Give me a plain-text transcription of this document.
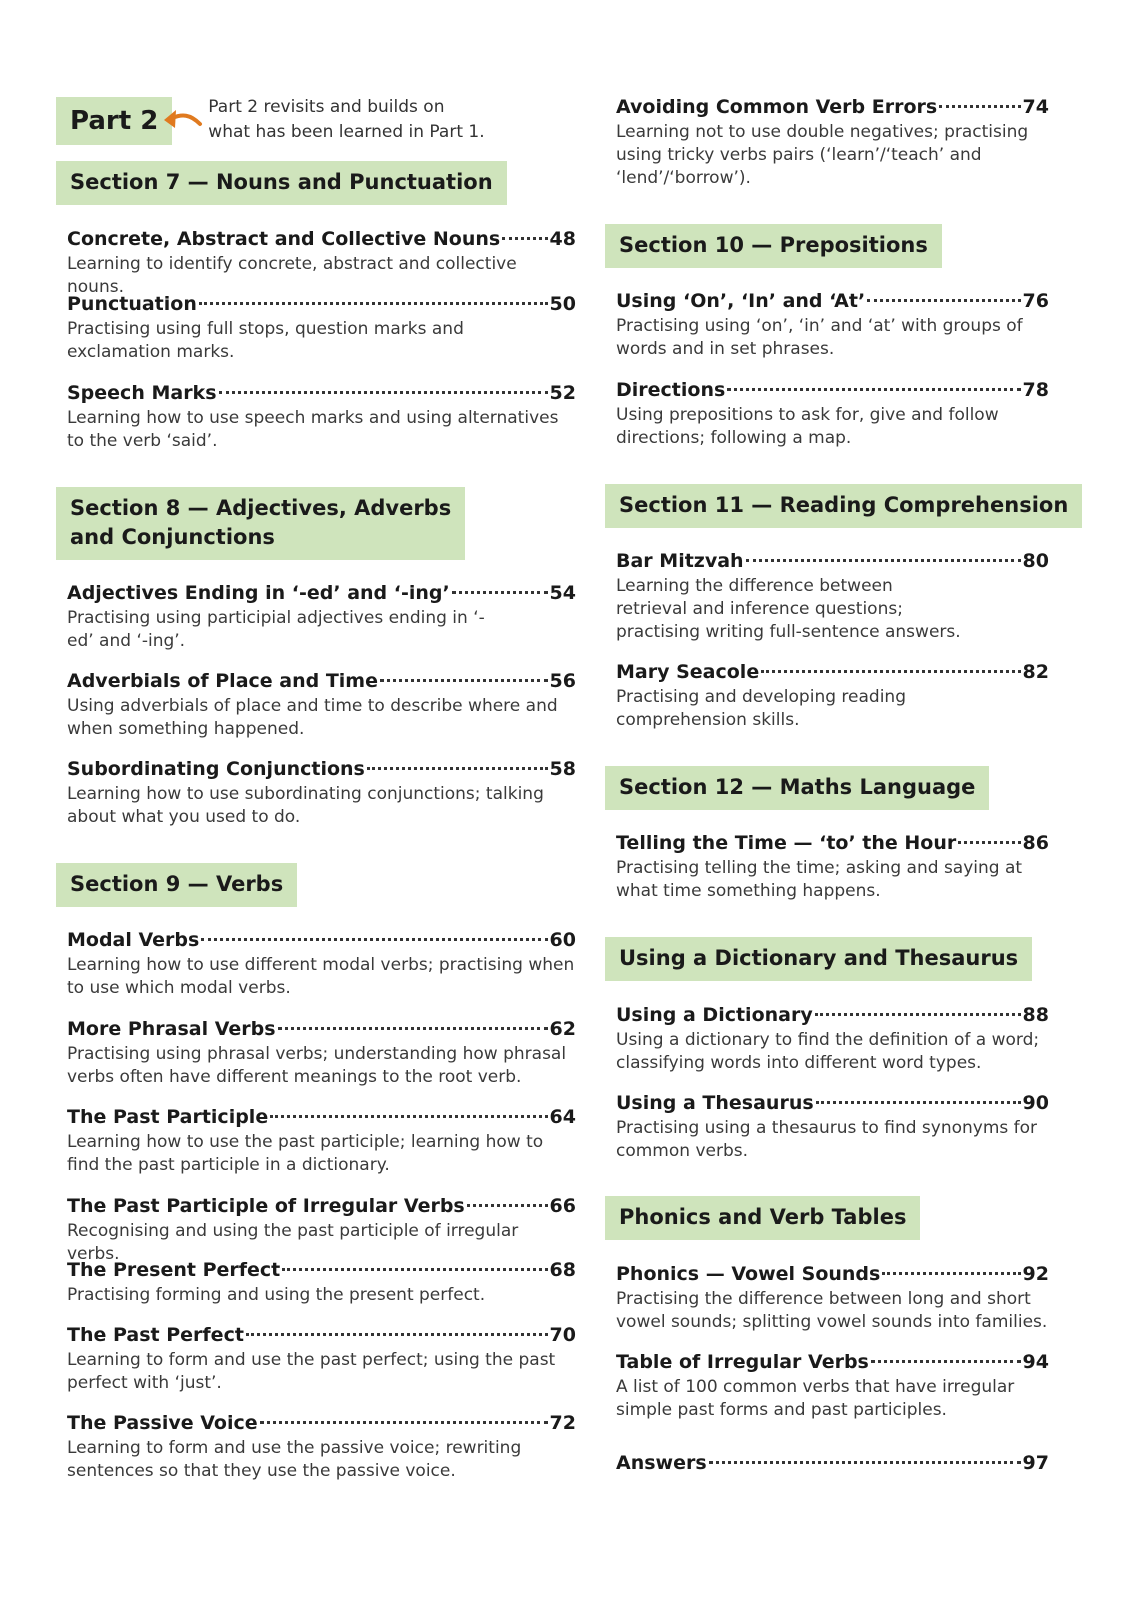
Part 2	Part 2 revisits and builds on
what has been learned in Part 1.
Section 7 — Nouns and Punctuation
Concrete, Abstract and Collective Nouns	48
Learning to identify concrete, abstract and collective nouns.
Punctuation	50
Practising using full stops, question marks and exclamation marks.
Speech Marks	52
Learning how to use speech marks and using alternatives to the verb ‘said’.
Section 8 — Adjectives, Adverbs
and Conjunctions
Adjectives Ending in ‘-ed’ and ‘-ing’	54
Practising using participial adjectives ending in ‘-ed’ and ‘-ing’.
Adverbials of Place and Time	56
Using adverbials of place and time to describe where and when something happened.
Subordinating Conjunctions	58
Learning how to use subordinating conjunctions; talking about what you used to do.
Section 9 — Verbs
Modal Verbs	60
Learning how to use different modal verbs; practising when to use which modal verbs.
More Phrasal Verbs	62
Practising using phrasal verbs; understanding how phrasal verbs often have different meanings to the root verb.
The Past Participle	64
Learning how to use the past participle; learning how to find the past participle in a dictionary.
The Past Participle of Irregular Verbs	66
Recognising and using the past participle of irregular verbs.
The Present Perfect	68
Practising forming and using the present perfect.
The Past Perfect	70
Learning to form and use the past perfect; using the past perfect with ‘just’.
The Passive Voice	72
Learning to form and use the passive voice; rewriting sentences so that they use the passive voice.
Avoiding Common Verb Errors	74
Learning not to use double negatives; practising using tricky verbs pairs (‘learn’/‘teach’ and ‘lend’/‘borrow’).
Section 10 — Prepositions
Using ‘On’, ‘In’ and ‘At’	76
Practising using ‘on’, ‘in’ and ‘at’ with groups of words and in set phrases.
Directions	78
Using prepositions to ask for, give and follow directions; following a map.
Section 11 — Reading Comprehension
Bar Mitzvah	80
Learning the difference between retrieval and inference questions; practising writing full-sentence answers.
Mary Seacole	82
Practising and developing reading comprehension skills.
Section 12 — Maths Language
Telling the Time — ‘to’ the Hour	86
Practising telling the time; asking and saying at what time something happens.
Using a Dictionary and Thesaurus
Using a Dictionary	88
Using a dictionary to find the definition of a word; classifying words into different word types.
Using a Thesaurus	90
Practising using a thesaurus to find synonyms for common verbs.
Phonics and Verb Tables
Phonics — Vowel Sounds	92
Practising the difference between long and short vowel sounds; splitting vowel sounds into families.
Table of Irregular Verbs	94
A list of 100 common verbs that have irregular simple past forms and past participles.
Answers	97
